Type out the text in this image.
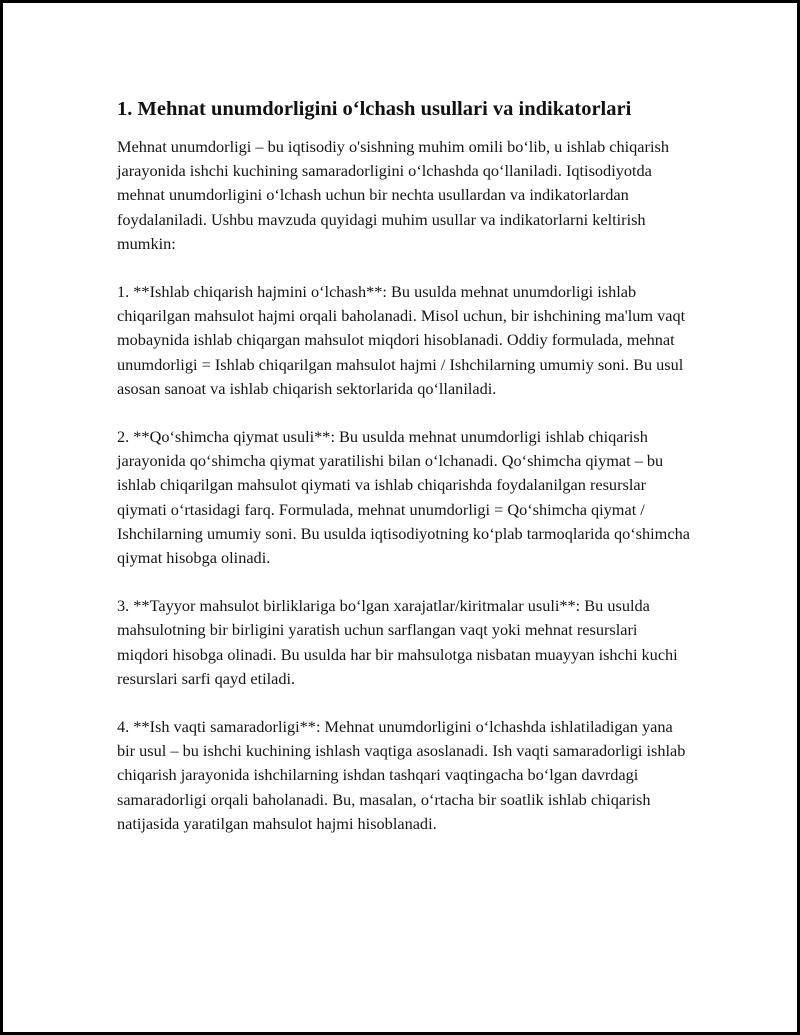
1. Mehnat unumdorligini o‘lchash usullari va indikatorlari

Mehnat unumdorligi – bu iqtisodiy o'sishning muhim omili bo‘lib, u ishlab chiqarish jarayonida ishchi kuchining samaradorligini o‘lchashda qo‘llaniladi. Iqtisodiyotda mehnat unumdorligini o‘lchash uchun bir nechta usullardan va indikatorlardan foydalaniladi. Ushbu mavzuda quyidagi muhim usullar va indikatorlarni keltirish mumkin:

1. **Ishlab chiqarish hajmini o‘lchash**: Bu usulda mehnat unumdorligi ishlab chiqarilgan mahsulot hajmi orqali baholanadi. Misol uchun, bir ishchining ma'lum vaqt mobaynida ishlab chiqargan mahsulot miqdori hisoblanadi. Oddiy formulada, mehnat unumdorligi = Ishlab chiqarilgan mahsulot hajmi / Ishchilarning umumiy soni. Bu usul asosan sanoat va ishlab chiqarish sektorlarida qo‘llaniladi.

2. **Qo‘shimcha qiymat usuli**: Bu usulda mehnat unumdorligi ishlab chiqarish jarayonida qo‘shimcha qiymat yaratilishi bilan o‘lchanadi. Qo‘shimcha qiymat – bu ishlab chiqarilgan mahsulot qiymati va ishlab chiqarishda foydalanilgan resurslar qiymati o‘rtasidagi farq. Formulada, mehnat unumdorligi = Qo‘shimcha qiymat / Ishchilarning umumiy soni. Bu usulda iqtisodiyotning ko‘plab tarmoqlarida qo‘shimcha qiymat hisobga olinadi.

3. **Tayyor mahsulot birliklariga bo‘lgan xarajatlar/kiritmalar usuli**: Bu usulda mahsulotning bir birligini yaratish uchun sarflangan vaqt yoki mehnat resurslari miqdori hisobga olinadi. Bu usulda har bir mahsulotga nisbatan muayyan ishchi kuchi resurslari sarfi qayd etiladi.

4. **Ish vaqti samaradorligi**: Mehnat unumdorligini o‘lchashda ishlatiladigan yana bir usul – bu ishchi kuchining ishlash vaqtiga asoslanadi. Ish vaqti samaradorligi ishlab chiqarish jarayonida ishchilarning ishdan tashqari vaqtingacha bo‘lgan davrdagi samaradorligi orqali baholanadi. Bu, masalan, o‘rtacha bir soatlik ishlab chiqarish natijasida yaratilgan mahsulot hajmi hisoblanadi.
